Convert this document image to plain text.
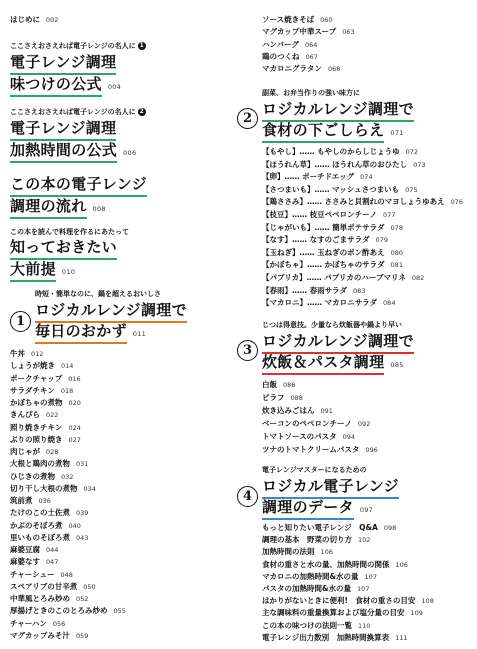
はじめに 002
ここさえおさえれば電子レンジの名人に 1
電子レンジ調理
味つけの公式 004
ここさえおさえれば電子レンジの名人に 2
電子レンジ調理
加熱時間の公式 006
この本の電子レンジ
調理の流れ 008
この本を読んで料理を作るにあたって
知っておきたい
大前提 010
時短・簡単なのに、鍋を超えるおいしさ
1
ロジカルレンジ調理で
毎日のおかず 011
牛丼 012
しょうが焼き 014
ポークチャップ 016
サラダチキン 018
かぼちゃの煮物 020
きんぴら 022
照り焼きチキン 024
ぶりの照り焼き 027
肉じゃが 028
大根と鶏肉の煮物 031
ひじきの煮物 032
切り干し大根の煮物 034
筑前煮 036
たけのこの土佐煮 039
かぶのそぼろ煮 040
里いものそぼろ煮 043
麻婆豆腐 044
麻婆なす 047
チャーシュー 048
スペアリブの甘辛煮 050
中華風とろみ炒め 052
厚揚げときのこのとろみ炒め 055
チャーハン 056
マグカップみそ汁 059
ソース焼きそば 060
マグカップ中華スープ 063
ハンバーグ 064
鶏のつくね 067
マカロニグラタン 068
副菜、お弁当作りの強い味方に
2
ロジカルレンジ調理で
食材の下ごしらえ 071
【もやし】…… もやしのからしじょうゆ 072
【ほうれん草】…… ほうれん草のおひたし 073
【卵】…… ポーチドエッグ 074
【さつまいも】…… マッシュさつまいも 075
【鶏ささみ】…… ささみと貝割れのマヨしょうゆあえ 076
【枝豆】…… 枝豆ペペロンチーノ 077
【じゃがいも】…… 簡単ポテサラダ 078
【なす】…… なすのごまサラダ 079
【玉ねぎ】…… 玉ねぎのポン酢あえ 080
【かぼちゃ】…… かぼちゃのサラダ 081
【パプリカ】…… パプリカのハーブマリネ 082
【春雨】…… 春雨サラダ 083
【マカロニ】…… マカロニサラダ 084
じつは得意技。少量なら炊飯器や鍋より早い
3
ロジカルレンジ調理で
炊飯＆パスタ調理 085
白飯 086
ピラフ 088
炊き込みごはん 091
ベーコンのペペロンチーノ 092
トマトソースのパスタ 094
ツナのトマトクリームパスタ 096
電子レンジマスターになるための
4
ロジカル電子レンジ
調理のデータ 097
もっと知りたい電子レンジ　Q&A 098
調理の基本　野菜の切り方 102
加熱時間の法則 106
食材の重さと水の量、加熱時間の関係 106
マカロニの加熱時間&水の量 107
パスタの加熱時間&水の量 107
はかりがないときに便利!　食材の重さの目安 108
主な調味料の重量換算および塩分量の目安 109
この本の味つけの法則一覧 110
電子レンジ出力数別　加熱時間換算表 111
